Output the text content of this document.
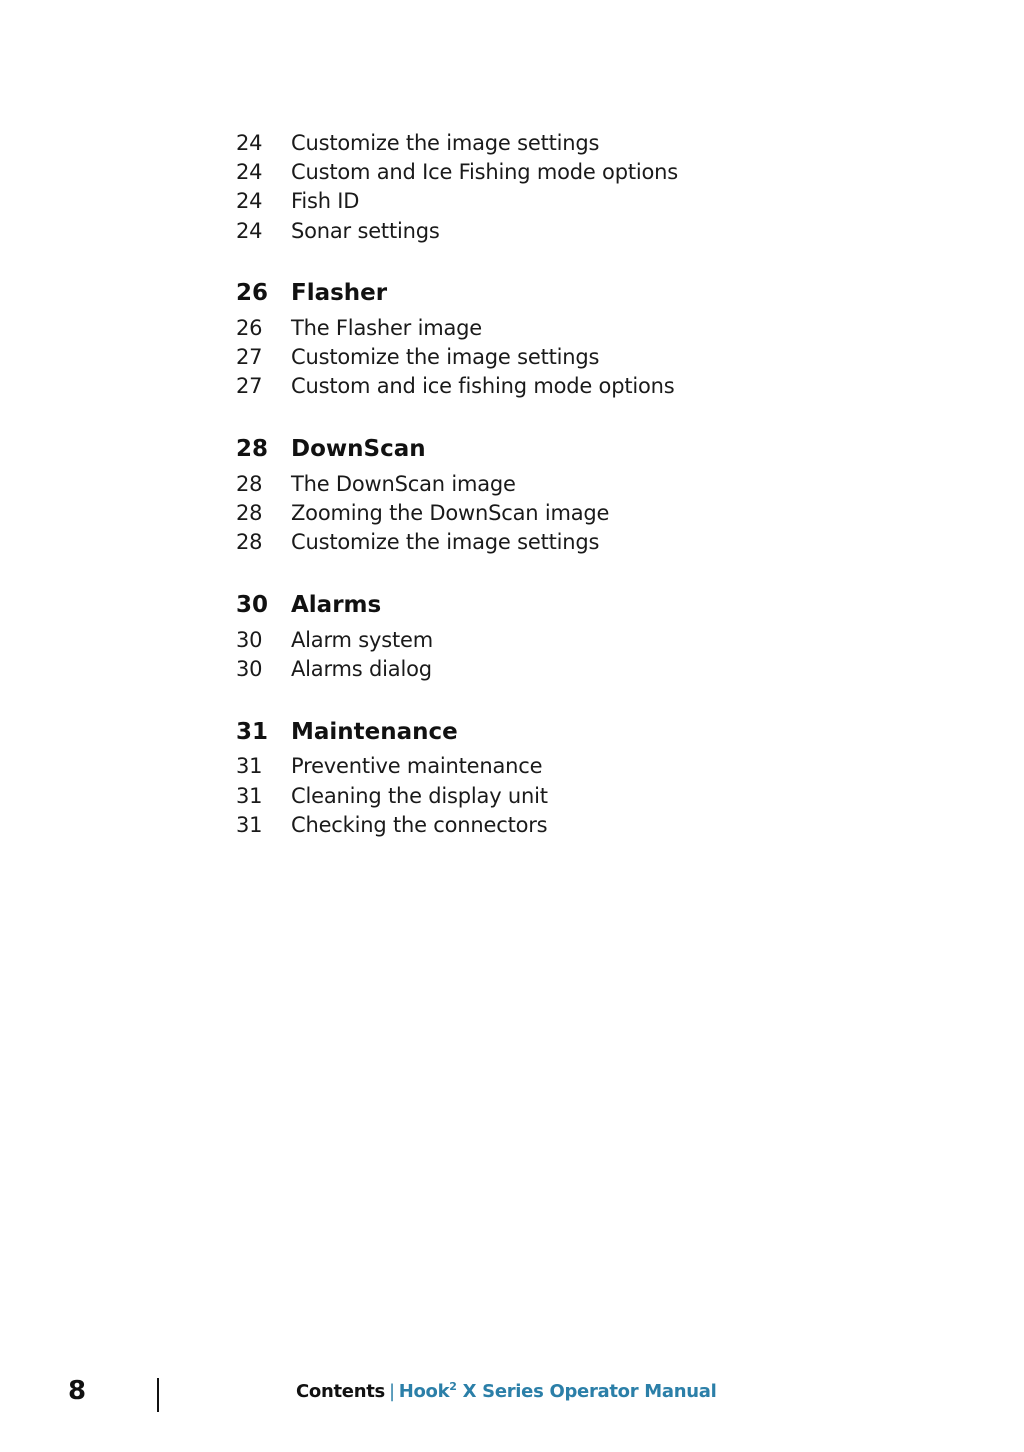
24	Customize the image settings
24	Custom and Ice Fishing mode options
24	Fish ID
24	Sonar settings
26 Flasher
26	The Flasher image
27	Customize the image settings
27	Custom and ice fishing mode options
28 DownScan
28	The DownScan image
28	Zooming the DownScan image
28	Customize the image settings
30 Alarms
30	Alarm system
30	Alarms dialog
31 Maintenance
31	Preventive maintenance
31	Cleaning the display unit
31	Checking the connectors
8	Contents | Hook$^2$ X Series Operator Manual
